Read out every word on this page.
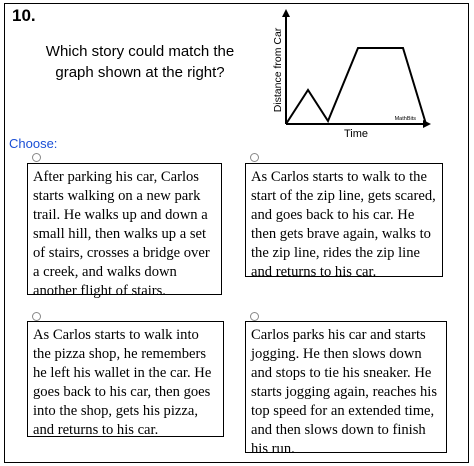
10.
Which story could match the graph shown at the right?	Distance from Car
Time
MathBits
Choose:
After parking his car, Carlos starts walking on a new park trail. He walks up and down a small hill, then walks up a set of stairs, crosses a bridge over a creek, and walks down another flight of stairs.
As Carlos starts to walk to the start of the zip line, gets scared, and goes back to his car. He then gets brave again, walks to the zip line, rides the zip line and returns to his car.
As Carlos starts to walk into the pizza shop, he remembers he left his wallet in the car. He goes back to his car, then goes into the shop, gets his pizza, and returns to his car.
Carlos parks his car and starts jogging. He then slows down and stops to tie his sneaker. He starts jogging again, reaches his top speed for an extended time, and then slows down to finish his run.
